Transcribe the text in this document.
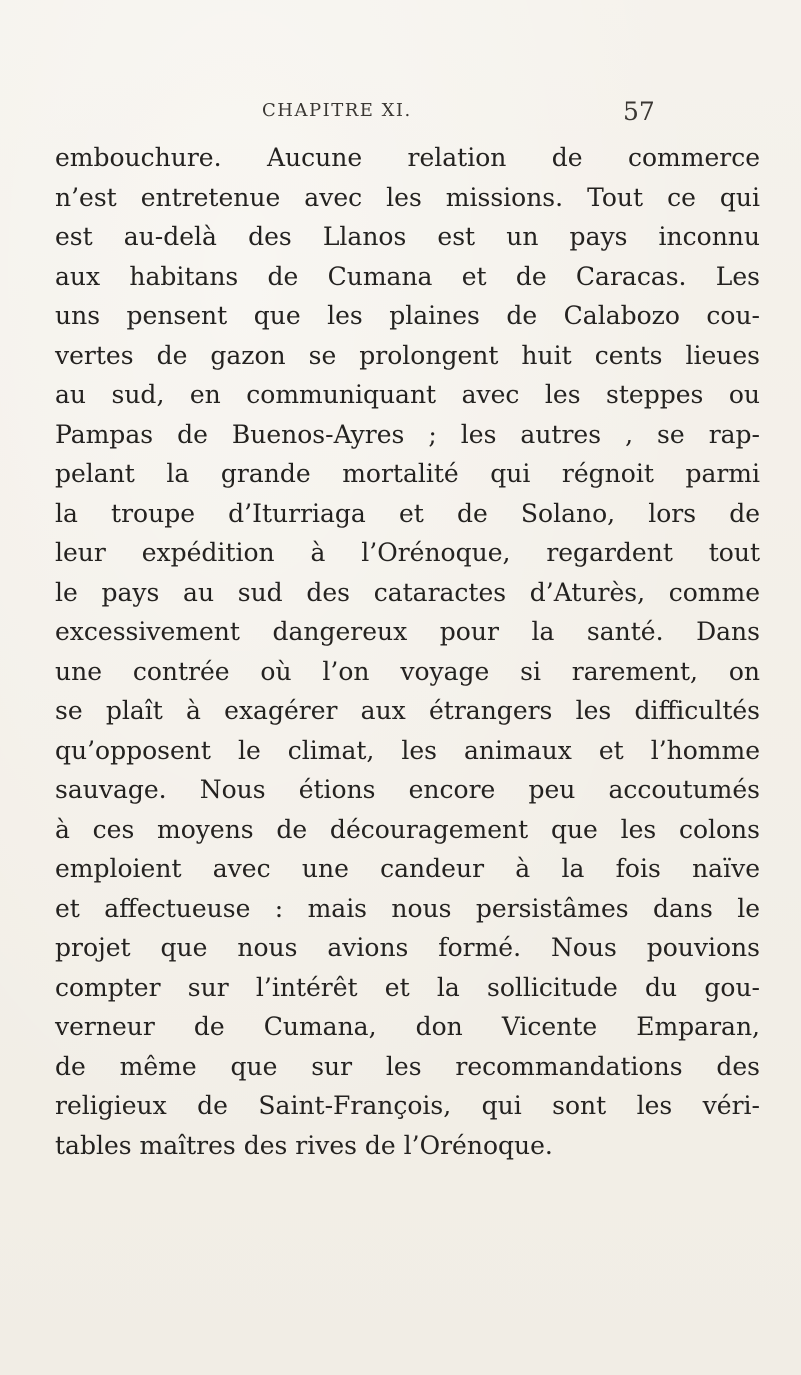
CHAPITRE XI.	57
embouchure. Aucune relation de commerce
n’est entretenue avec les missions. Tout ce qui
est au-delà des Llanos est un pays inconnu
aux habitans de Cumana et de Caracas. Les
uns pensent que les plaines de Calabozo cou-
vertes de gazon se prolongent huit cents lieues
au sud, en communiquant avec les steppes ou
Pampas de Buenos-Ayres ; les autres , se rap-
pelant la grande mortalité qui régnoit parmi
la troupe d’Iturriaga et de Solano, lors de
leur expédition à l’Orénoque, regardent tout
le pays au sud des cataractes d’Aturès, comme
excessivement dangereux pour la santé. Dans
une contrée où l’on voyage si rarement, on
se plaît à exagérer aux étrangers les difficultés
qu’opposent le climat, les animaux et l’homme
sauvage. Nous étions encore peu accoutumés
à ces moyens de découragement que les colons
emploient avec une candeur à la fois naïve
et affectueuse : mais nous persistâmes dans le
projet que nous avions formé. Nous pouvions
compter sur l’intérêt et la sollicitude du gou-
verneur de Cumana, don Vicente Emparan,
de même que sur les recommandations des
religieux de Saint-François, qui sont les véri-
tables maîtres des rives de l’Orénoque.
